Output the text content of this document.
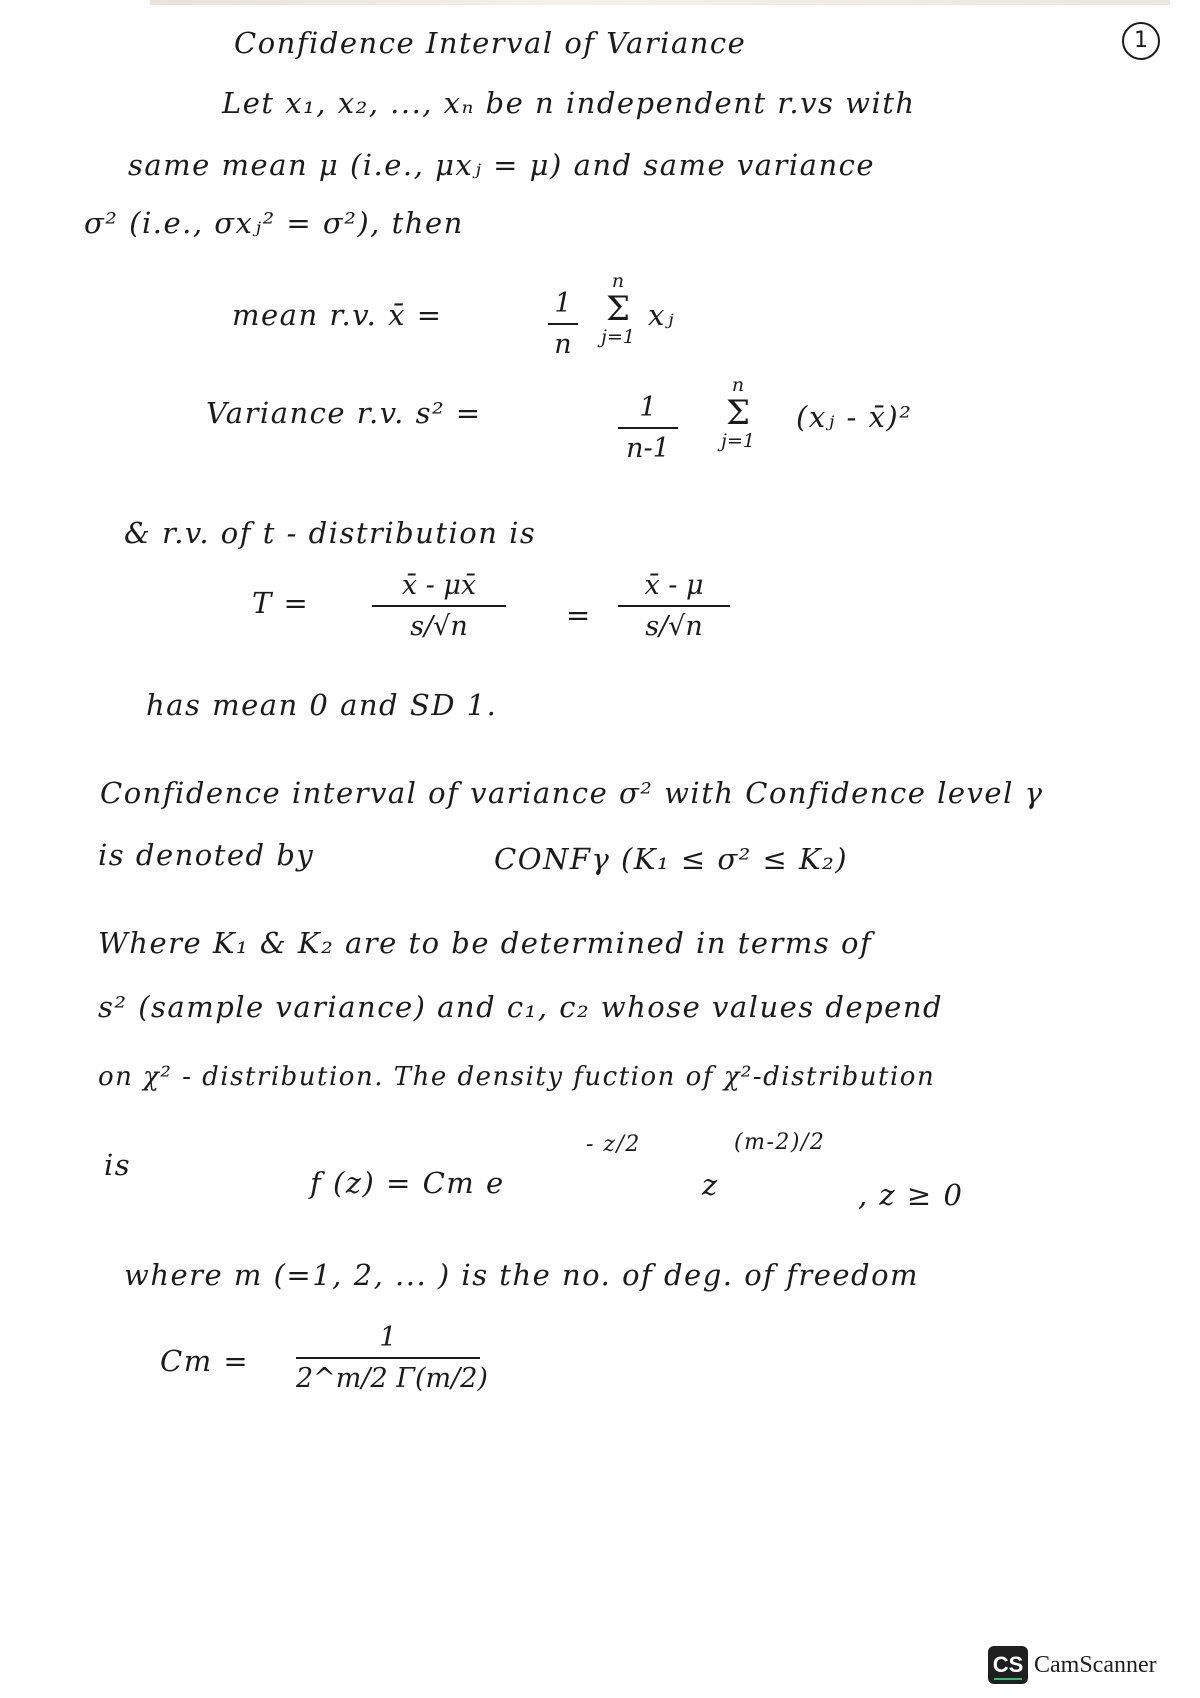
1
Confidence Interval of Variance
Let x₁, x₂, ..., xₙ be n independent r.vs with
same mean μ (i.e., μxⱼ = μ) and same variance
σ² (i.e., σxⱼ² = σ²), then
mean r.v. x̄ =	1
n
n
Σ
j=1
xⱼ
Variance r.v. s² =	1
n-1
n
Σ
j=1
(xⱼ - x̄)²
& r.v. of t - distribution is
T =
x̄ - μx̄
s/√n	=
x̄ - μ
s/√n
has mean 0 and SD 1.
Confidence interval of variance σ² with Confidence level γ
is denoted by	CONFγ (K₁ ≤ σ² ≤ K₂)
Where K₁ & K₂ are to be determined in terms of
s² (sample variance) and c₁, c₂ whose values depend
on χ² - distribution. The density fuction of χ²-distribution
is
f (z) = Cm e
- z/2
z
(m-2)/2
, z ≥ 0
where m (=1, 2, ... ) is the no. of deg. of freedom
Cm =
1
2^m/2 Γ(m/2)
CS CamScanner
